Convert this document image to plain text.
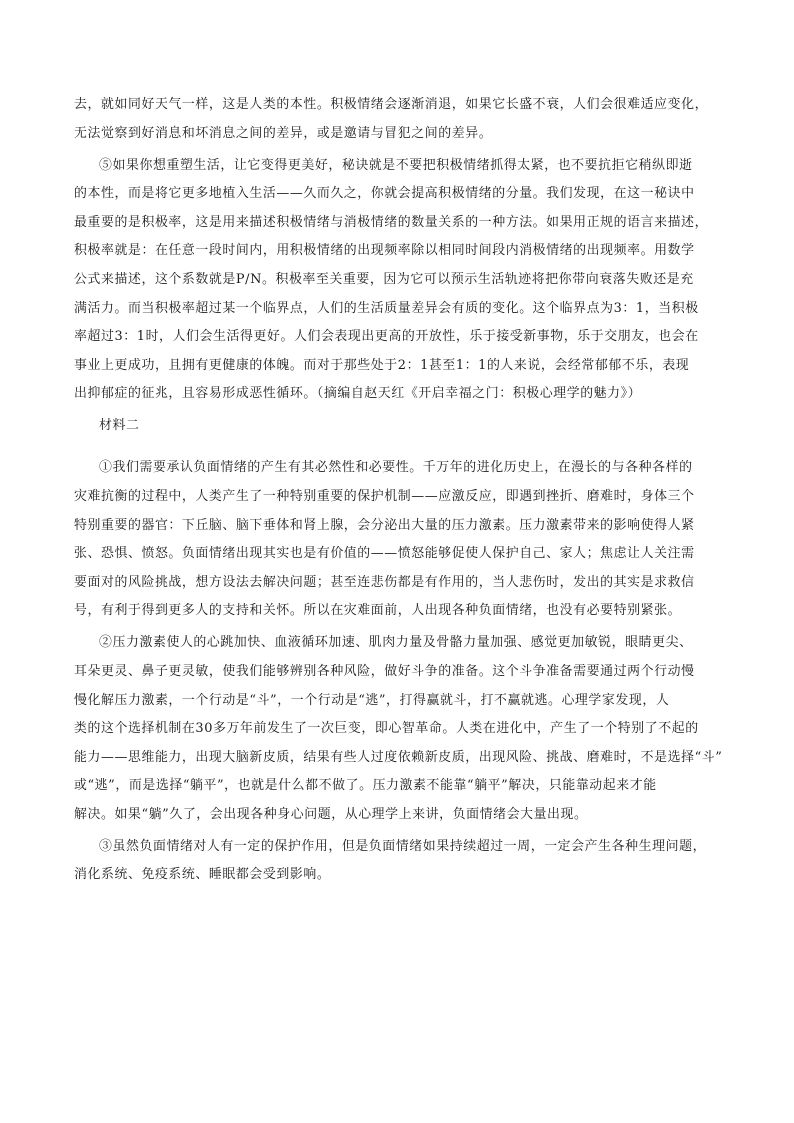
去，就如同好天气一样，这是人类的本性。积极情绪会逐渐消退，如果它长盛不衰，人们会很难适应变化，
无法觉察到好消息和坏消息之间的差异，或是邀请与冒犯之间的差异。
⑤如果你想重塑生活，让它变得更美好，秘诀就是不要把积极情绪抓得太紧，也不要抗拒它稍纵即逝
的本性，而是将它更多地植入生活——久而久之，你就会提高积极情绪的分量。我们发现，在这一秘诀中
最重要的是积极率，这是用来描述积极情绪与消极情绪的数量关系的一种方法。如果用正规的语言来描述，
积极率就是：在任意一段时间内，用积极情绪的出现频率除以相同时间段内消极情绪的出现频率。用数学
公式来描述，这个系数就是P/N。积极率至关重要，因为它可以预示生活轨迹将把你带向衰落失败还是充
满活力。而当积极率超过某一个临界点，人们的生活质量差异会有质的变化。这个临界点为3：1，当积极
率超过3：1时，人们会生活得更好。人们会表现出更高的开放性，乐于接受新事物，乐于交朋友，也会在
事业上更成功，且拥有更健康的体魄。而对于那些处于2：1甚至1：1的人来说，会经常郁郁不乐，表现
出抑郁症的征兆，且容易形成恶性循环。（摘编自赵天红《开启幸福之门：积极心理学的魅力》）
材料二
①我们需要承认负面情绪的产生有其必然性和必要性。千万年的进化历史上，在漫长的与各种各样的
灾难抗衡的过程中，人类产生了一种特别重要的保护机制——应激反应，即遇到挫折、磨难时，身体三个
特别重要的器官：下丘脑、脑下垂体和肾上腺，会分泌出大量的压力激素。压力激素带来的影响使得人紧
张、恐惧、愤怒。负面情绪出现其实也是有价值的——愤怒能够促使人保护自己、家人；焦虑让人关注需
要面对的风险挑战，想方设法去解决问题；甚至连悲伤都是有作用的，当人悲伤时，发出的其实是求救信
号，有利于得到更多人的支持和关怀。所以在灾难面前，人出现各种负面情绪，也没有必要特别紧张。
②压力激素使人的心跳加快、血液循环加速、肌肉力量及骨骼力量加强、感觉更加敏锐，眼睛更尖、
耳朵更灵、鼻子更灵敏，使我们能够辨别各种风险，做好斗争的准备。这个斗争准备需要通过两个行动慢
慢化解压力激素，一个行动是“斗”，一个行动是“逃”，打得赢就斗，打不赢就逃。心理学家发现，人
类的这个选择机制在30多万年前发生了一次巨变，即心智革命。人类在进化中，产生了一个特别了不起的
能力——思维能力，出现大脑新皮质，结果有些人过度依赖新皮质，出现风险、挑战、磨难时，不是选择“斗”
或“逃”，而是选择“躺平”，也就是什么都不做了。压力激素不能靠“躺平”解决，只能靠动起来才能
解决。如果“躺”久了，会出现各种身心问题，从心理学上来讲，负面情绪会大量出现。
③虽然负面情绪对人有一定的保护作用，但是负面情绪如果持续超过一周，一定会产生各种生理问题，
消化系统、免疫系统、睡眠都会受到影响。
